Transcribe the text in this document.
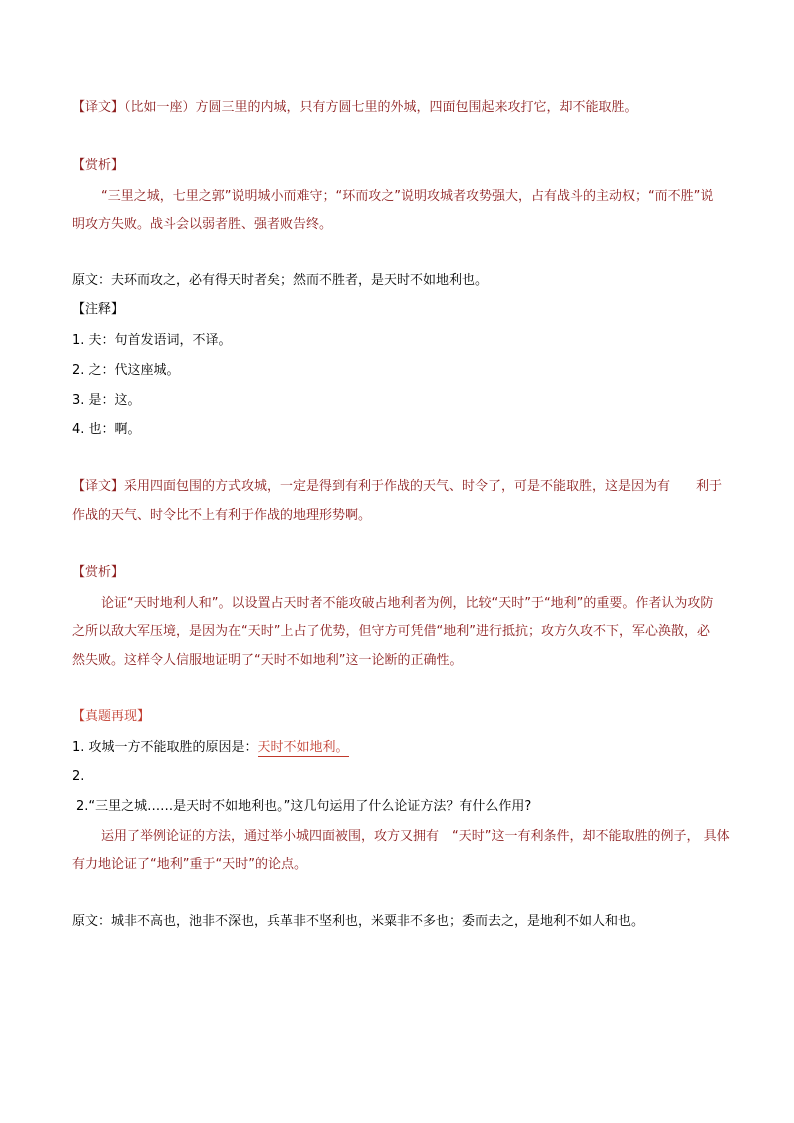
【译文】（比如一座）方圆三里的内城，只有方圆七里的外城，四面包围起来攻打它，却不能取胜。
【赏析】
“三里之城，七里之郭”说明城小而难守；“环而攻之”说明攻城者攻势强大，占有战斗的主动权；“而不胜”说
明攻方失败。战斗会以弱者胜、强者败告终。
原文：夫环而攻之，必有得天时者矣；然而不胜者，是天时不如地利也。
【注释】
1. 夫：句首发语词，不译。
2. 之：代这座城。
3. 是：这。
4. 也：啊。
【译文】采用四面包围的方式攻城，一定是得到有利于作战的天气、时令了，可是不能取胜，这是因为有　　利于
作战的天气、时令比不上有利于作战的地理形势啊。
【赏析】
论证“天时地利人和”。以设置占天时者不能攻破占地利者为例，比较“天时”于“地利”的重要。作者认为攻防
之所以敌大军压境，是因为在“天时”上占了优势，但守方可凭借“地利”进行抵抗；攻方久攻不下，军心涣散，必
然失败。这样令人信服地证明了“天时不如地利”这一论断的正确性。
【真题再现】
1. 攻城一方不能取胜的原因是：天时不如地利。
2.
2.“三里之城……是天时不如地利也。”这几句运用了什么论证方法？有什么作用?
运用了举例论证的方法，通过举小城四面被围，攻方又拥有　“天时”这一有利条件，却不能取胜的例子， 具体
有力地论证了“地利”重于“天时”的论点。
原文：城非不高也，池非不深也，兵革非不坚利也，米粟非不多也；委而去之，是地利不如人和也。
